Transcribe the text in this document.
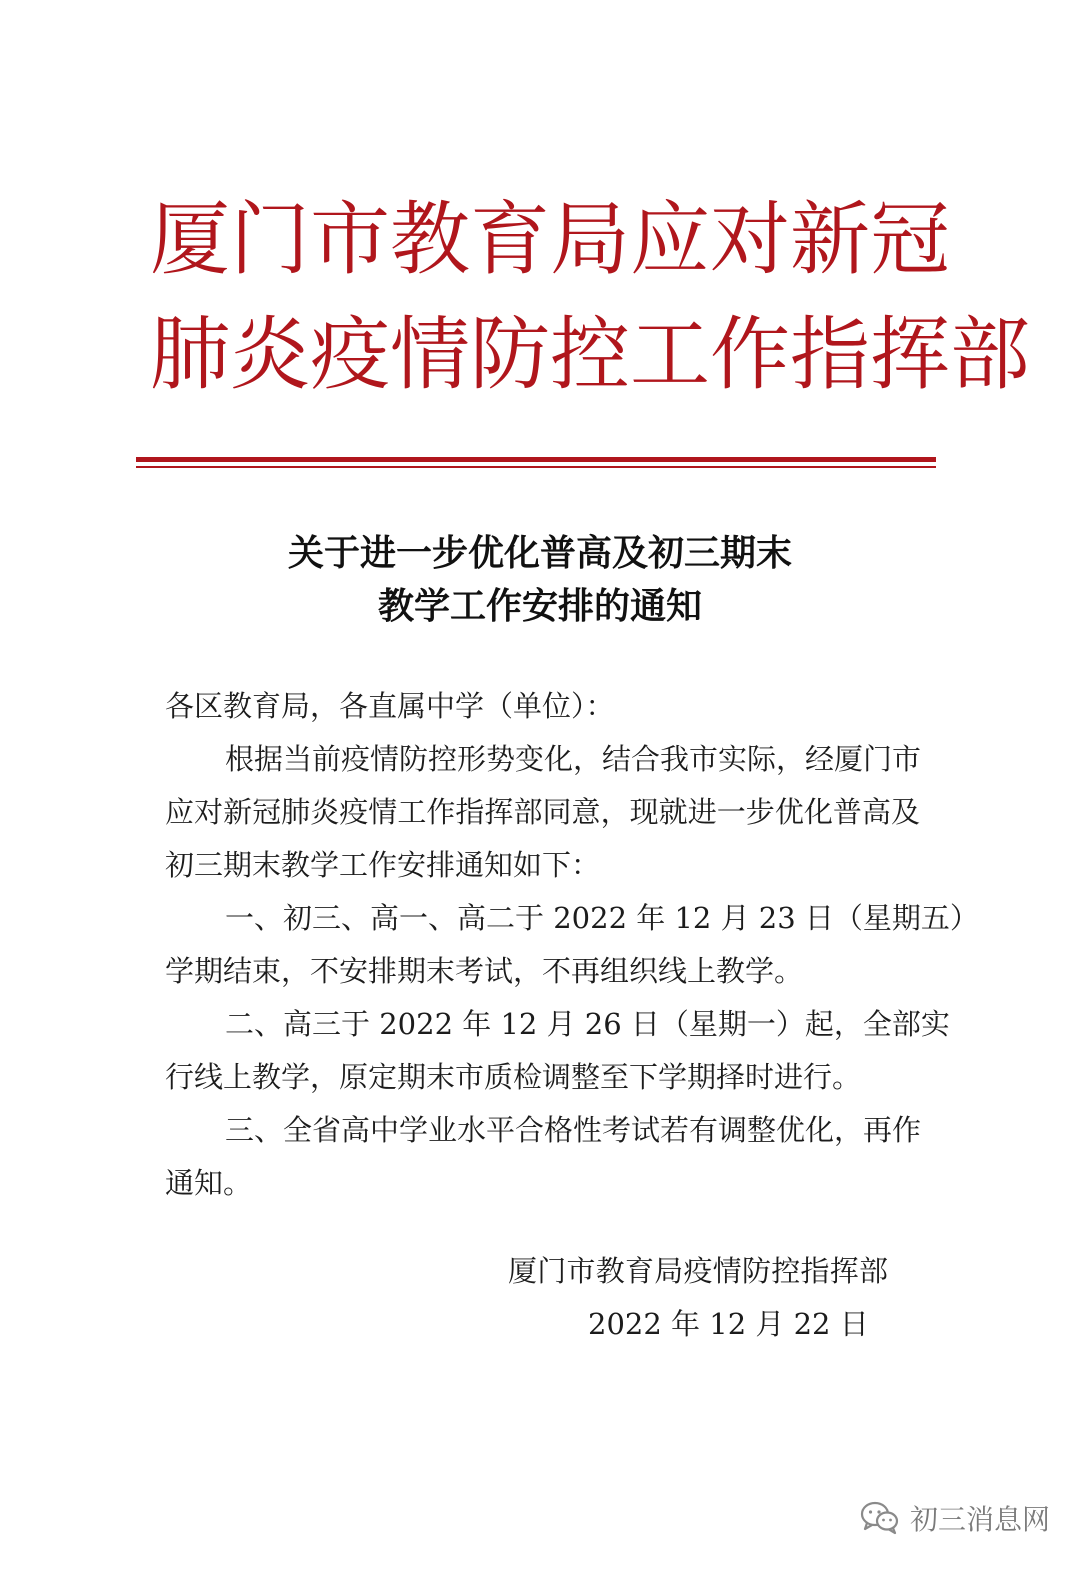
厦门市教育局应对新冠
肺炎疫情防控工作指挥部
关于进一步优化普高及初三期末
教学工作安排的通知
各区教育局，各直属中学（单位）：
根据当前疫情防控形势变化，结合我市实际，经厦门市
应对新冠肺炎疫情工作指挥部同意，现就进一步优化普高及
初三期末教学工作安排通知如下：
一、初三、高一、高二于 2022 年 12 月 23 日（星期五）
学期结束，不安排期末考试，不再组织线上教学。
二、高三于 2022 年 12 月 26 日（星期一）起，全部实
行线上教学，原定期末市质检调整至下学期择时进行。
三、全省高中学业水平合格性考试若有调整优化，再作
通知。
厦门市教育局疫情防控指挥部
2022 年 12 月 22 日
初三消息网
